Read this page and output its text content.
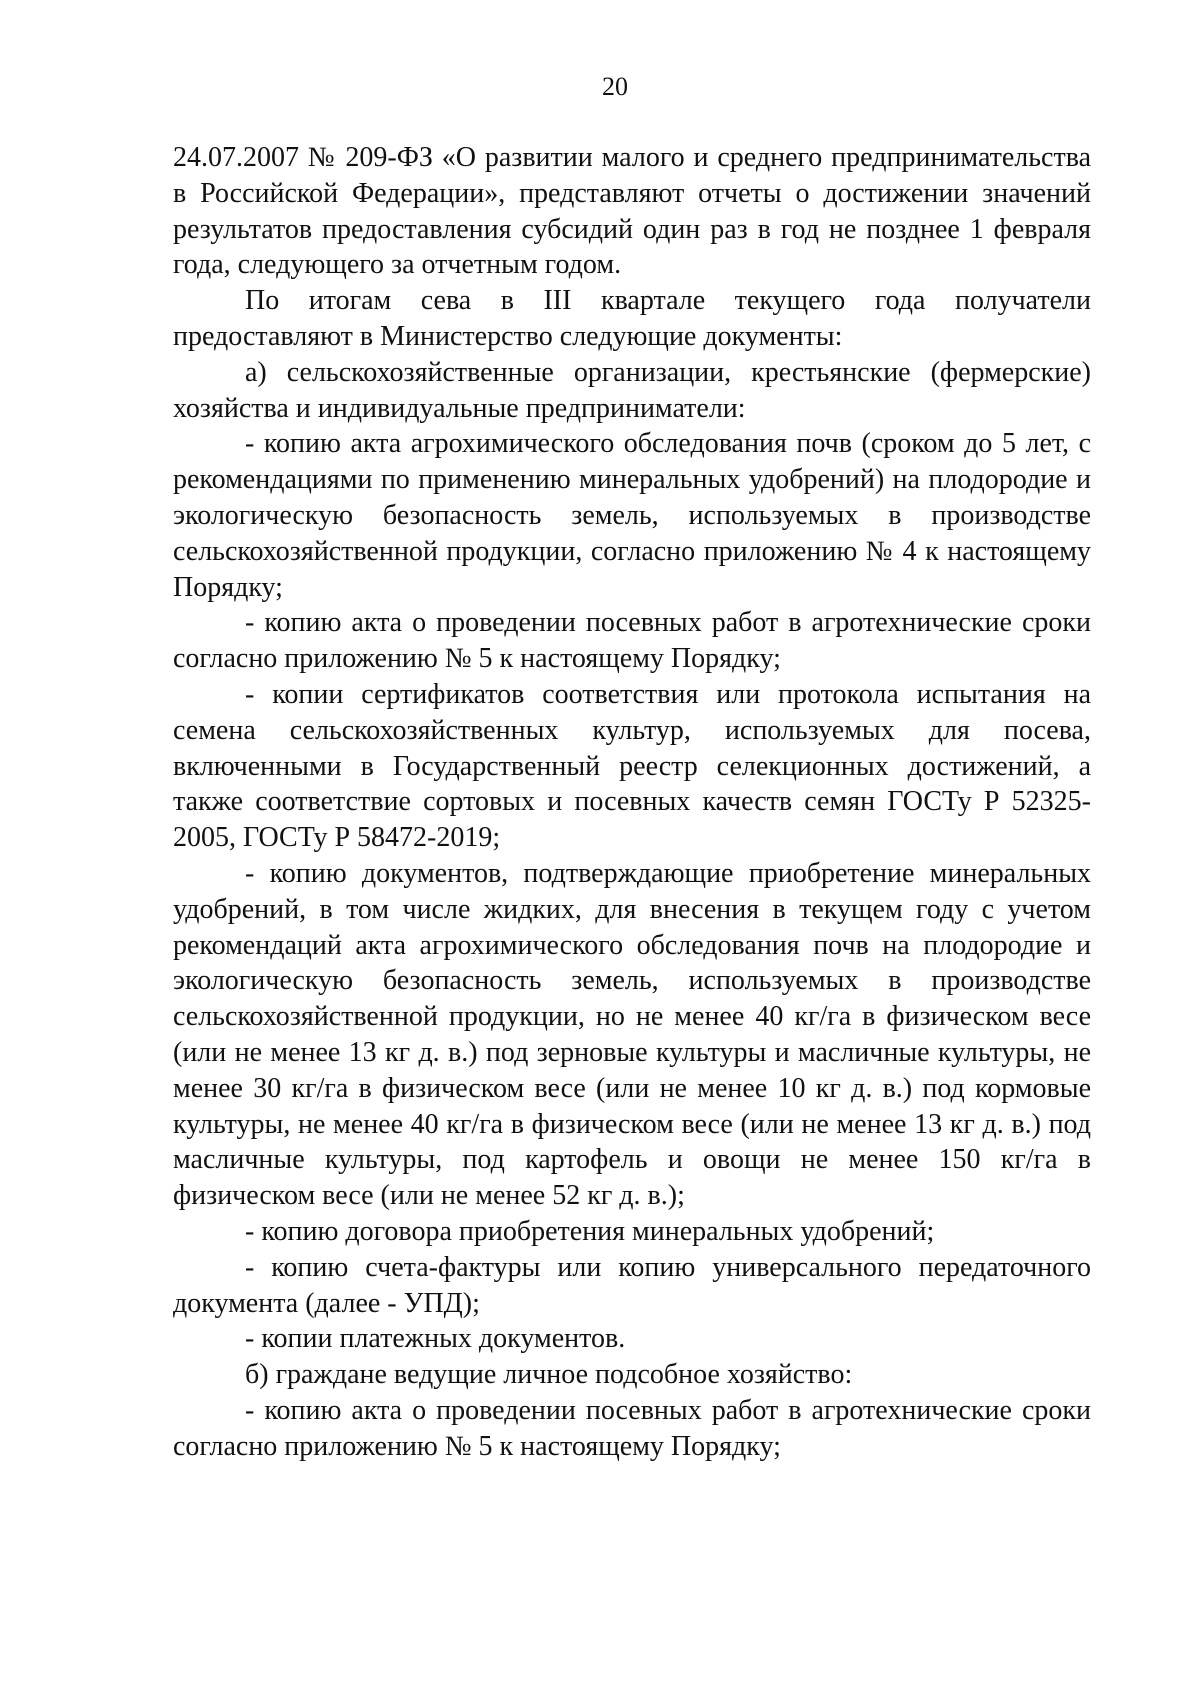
20

24.07.2007 № 209-ФЗ «О развитии малого и среднего предпринимательства в Российской Федерации», представляют отчеты о достижении значений результатов предоставления субсидий один раз в год не позднее 1 февраля года, следующего за отчетным годом.

По итогам сева в III квартале текущего года получатели предоставляют в Министерство следующие документы:

а) сельскохозяйственные организации, крестьянские (фермерские) хозяйства и индивидуальные предприниматели:

- копию акта агрохимического обследования почв (сроком до 5 лет, с рекомендациями по применению минеральных удобрений) на плодородие и экологическую безопасность земель, используемых в производстве сельскохозяйственной продукции, согласно приложению № 4 к настоящему Порядку;

- копию акта о проведении посевных работ в агротехнические сроки согласно приложению № 5 к настоящему Порядку;

- копии сертификатов соответствия или протокола испытания на семена сельскохозяйственных культур, используемых для посева, включенными в Государственный реестр селекционных достижений, а также соответствие сортовых и посевных качеств семян ГОСТу Р 52325-2005, ГОСТу Р 58472-2019;

- копию документов, подтверждающие приобретение минеральных удобрений, в том числе жидких, для внесения в текущем году с учетом рекомендаций акта агрохимического обследования почв на плодородие и экологическую безопасность земель, используемых в производстве сельскохозяйственной продукции, но не менее 40 кг/га в физическом весе (или не менее 13 кг д. в.) под зерновые культуры и масличные культуры, не менее 30 кг/га в физическом весе (или не менее 10 кг д. в.) под кормовые культуры, не менее 40 кг/га в физическом весе (или не менее 13 кг д. в.) под масличные культуры, под картофель и овощи не менее 150 кг/га в физическом весе (или не менее 52 кг д. в.);

- копию договора приобретения минеральных удобрений;

- копию счета-фактуры или копию универсального передаточного документа (далее - УПД);

- копии платежных документов.

б) граждане ведущие личное подсобное хозяйство:

- копию акта о проведении посевных работ в агротехнические сроки согласно приложению № 5 к настоящему Порядку;
